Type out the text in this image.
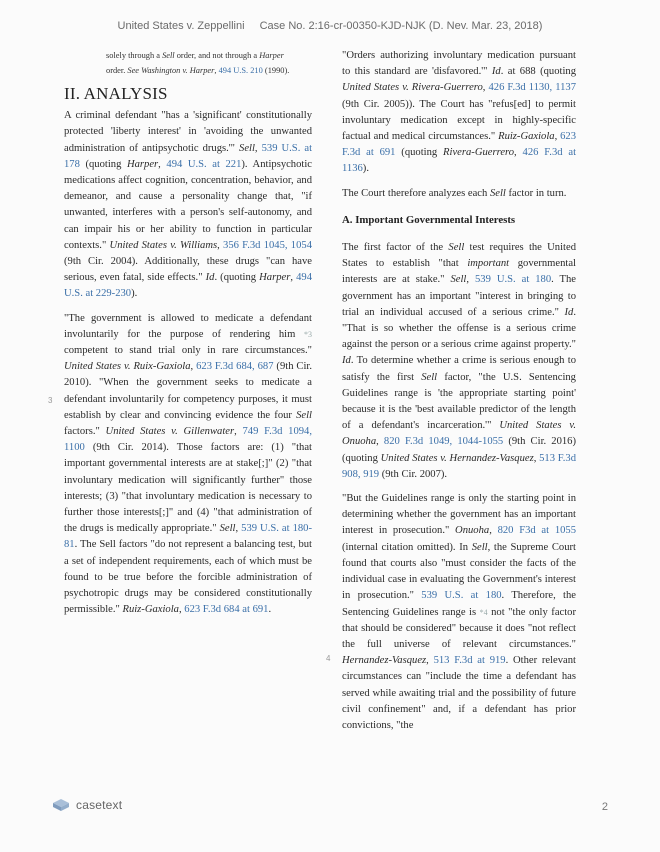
United States v. Zeppellini Case No. 2:16-cr-00350-KJD-NJK (D. Nev. Mar. 23, 2018)
solely through a Sell order, and not through a Harper order. See Washington v. Harper, 494 U.S. 210 (1990).
II. ANALYSIS

A criminal defendant "has a 'significant' constitutionally protected 'liberty interest' in 'avoiding the unwanted administration of antipsychotic drugs.'" Sell, 539 U.S. at 178 (quoting Harper, 494 U.S. at 221). Antipsychotic medications affect cognition, concentration, behavior, and demeanor, and cause a personality change that, "if unwanted, interferes with a person's self-autonomy, and can impair his or her ability to function in particular contexts." United States v. Williams, 356 F.3d 1045, 1054 (9th Cir. 2004). Additionally, these drugs "can have serious, even fatal, side effects." Id. (quoting Harper, 494 U.S. at 229-230).

"The government is allowed to medicate a defendant involuntarily for the purpose of rendering him *3 competent to stand trial only in rare circumstances." United States v. Ruix-Gaxiola, 623 F.3d 684, 687 (9th Cir. 2010). "When the government seeks to medicate a defendant involuntarily for competency purposes, it must establish by clear and convincing evidence the four Sell factors." United States v. Gillenwater, 749 F.3d 1094, 1100 (9th Cir. 2014). Those factors are: (1) "that important governmental interests are at stake[;]" (2) "that involuntary medication will significantly further" those interests; (3) "that involuntary medication is necessary to further those interests[;]" and (4) "that administration of the drugs is medically appropriate." Sell, 539 U.S. at 180-81. The Sell factors "do not represent a balancing test, but a set of independent requirements, each of which must be found to be true before the forcible administration of psychotropic drugs may be considered constitutionally permissible." Ruiz-Gaxiola, 623 F.3d 684 at 691.

3

"Orders authorizing involuntary medication pursuant to this standard are 'disfavored.'" Id. at 688 (quoting United States v. Rivera-Guerrero, 426 F.3d 1130, 1137 (9th Cir. 2005)). The Court has "refus[ed] to permit involuntary medication except in highly-specific factual and medical circumstances." Ruiz-Gaxiola, 623 F.3d at 691 (quoting Rivera-Guerrero, 426 F.3d at 1136).

The Court therefore analyzes each Sell factor in turn.

A. Important Governmental Interests

The first factor of the Sell test requires the United States to establish "that important governmental interests are at stake." Sell, 539 U.S. at 180. The government has an important "interest in bringing to trial an individual accused of a serious crime." Id. "That is so whether the offense is a serious crime against the person or a serious crime against property." Id. To determine whether a crime is serious enough to satisfy the first Sell factor, "the U.S. Sentencing Guidelines range is 'the appropriate starting point' because it is the 'best available predictor of the length of a defendant's incarceration.'" United States v. Onuoha, 820 F.3d 1049, 1044-1055 (9th Cir. 2016) (quoting United States v. Hernandez-Vasquez, 513 F.3d 908, 919 (9th Cir. 2007).

"But the Guidelines range is only the starting point in determining whether the government has an important interest in prosecution." Onuoha, 820 F3d at 1055 (internal citation omitted). In Sell, the Supreme Court found that courts also "must consider the facts of the individual case in evaluating the Government's interest in prosecution." 539 U.S. at 180. Therefore, the Sentencing Guidelines range is *4 not "the only factor that should be considered" because it does "not reflect the full universe of relevant circumstances." Hernandez-Vasquez, 513 F.3d at 919. Other relevant circumstances can "include the time a defendant has served while awaiting trial and the possibility of future civil confinement" and, if a defendant has prior convictions, "the

4
casetext	2
